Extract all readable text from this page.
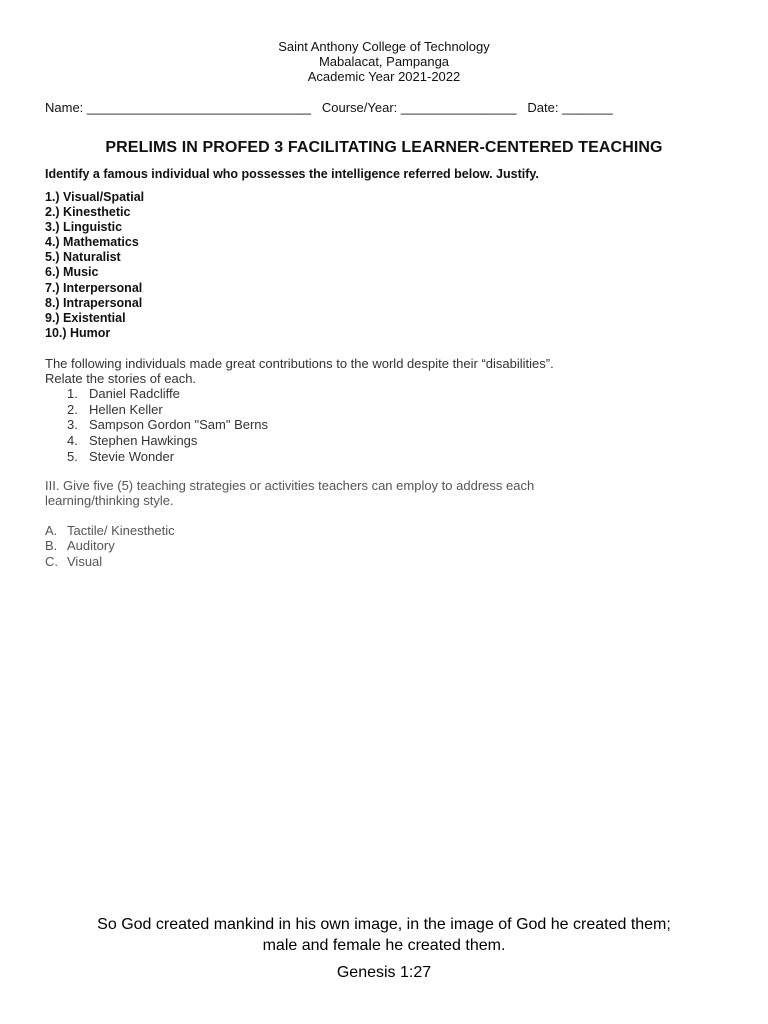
Saint Anthony College of Technology
Mabalacat, Pampanga
Academic Year 2021-2022
Name: _______________________________ Course/Year: ________________ Date: _______
PRELIMS IN PROFED 3 FACILITATING LEARNER-CENTERED TEACHING
Identify a famous individual who possesses the intelligence referred below. Justify.
1.) Visual/Spatial
2.) Kinesthetic
3.) Linguistic
4.) Mathematics
5.) Naturalist
6.) Music
7.) Interpersonal
8.) Intrapersonal
9.) Existential
10.) Humor
The following individuals made great contributions to the world despite their “disabilities”.
Relate the stories of each.
1. Daniel Radcliffe
2. Hellen Keller
3. Sampson Gordon "Sam" Berns
4. Stephen Hawkings
5. Stevie Wonder
III. Give five (5) teaching strategies or activities teachers can employ to address each
learning/thinking style.
A. Tactile/ Kinesthetic
B. Auditory
C. Visual
So God created mankind in his own image, in the image of God he created them;
male and female he created them.
Genesis 1:27
